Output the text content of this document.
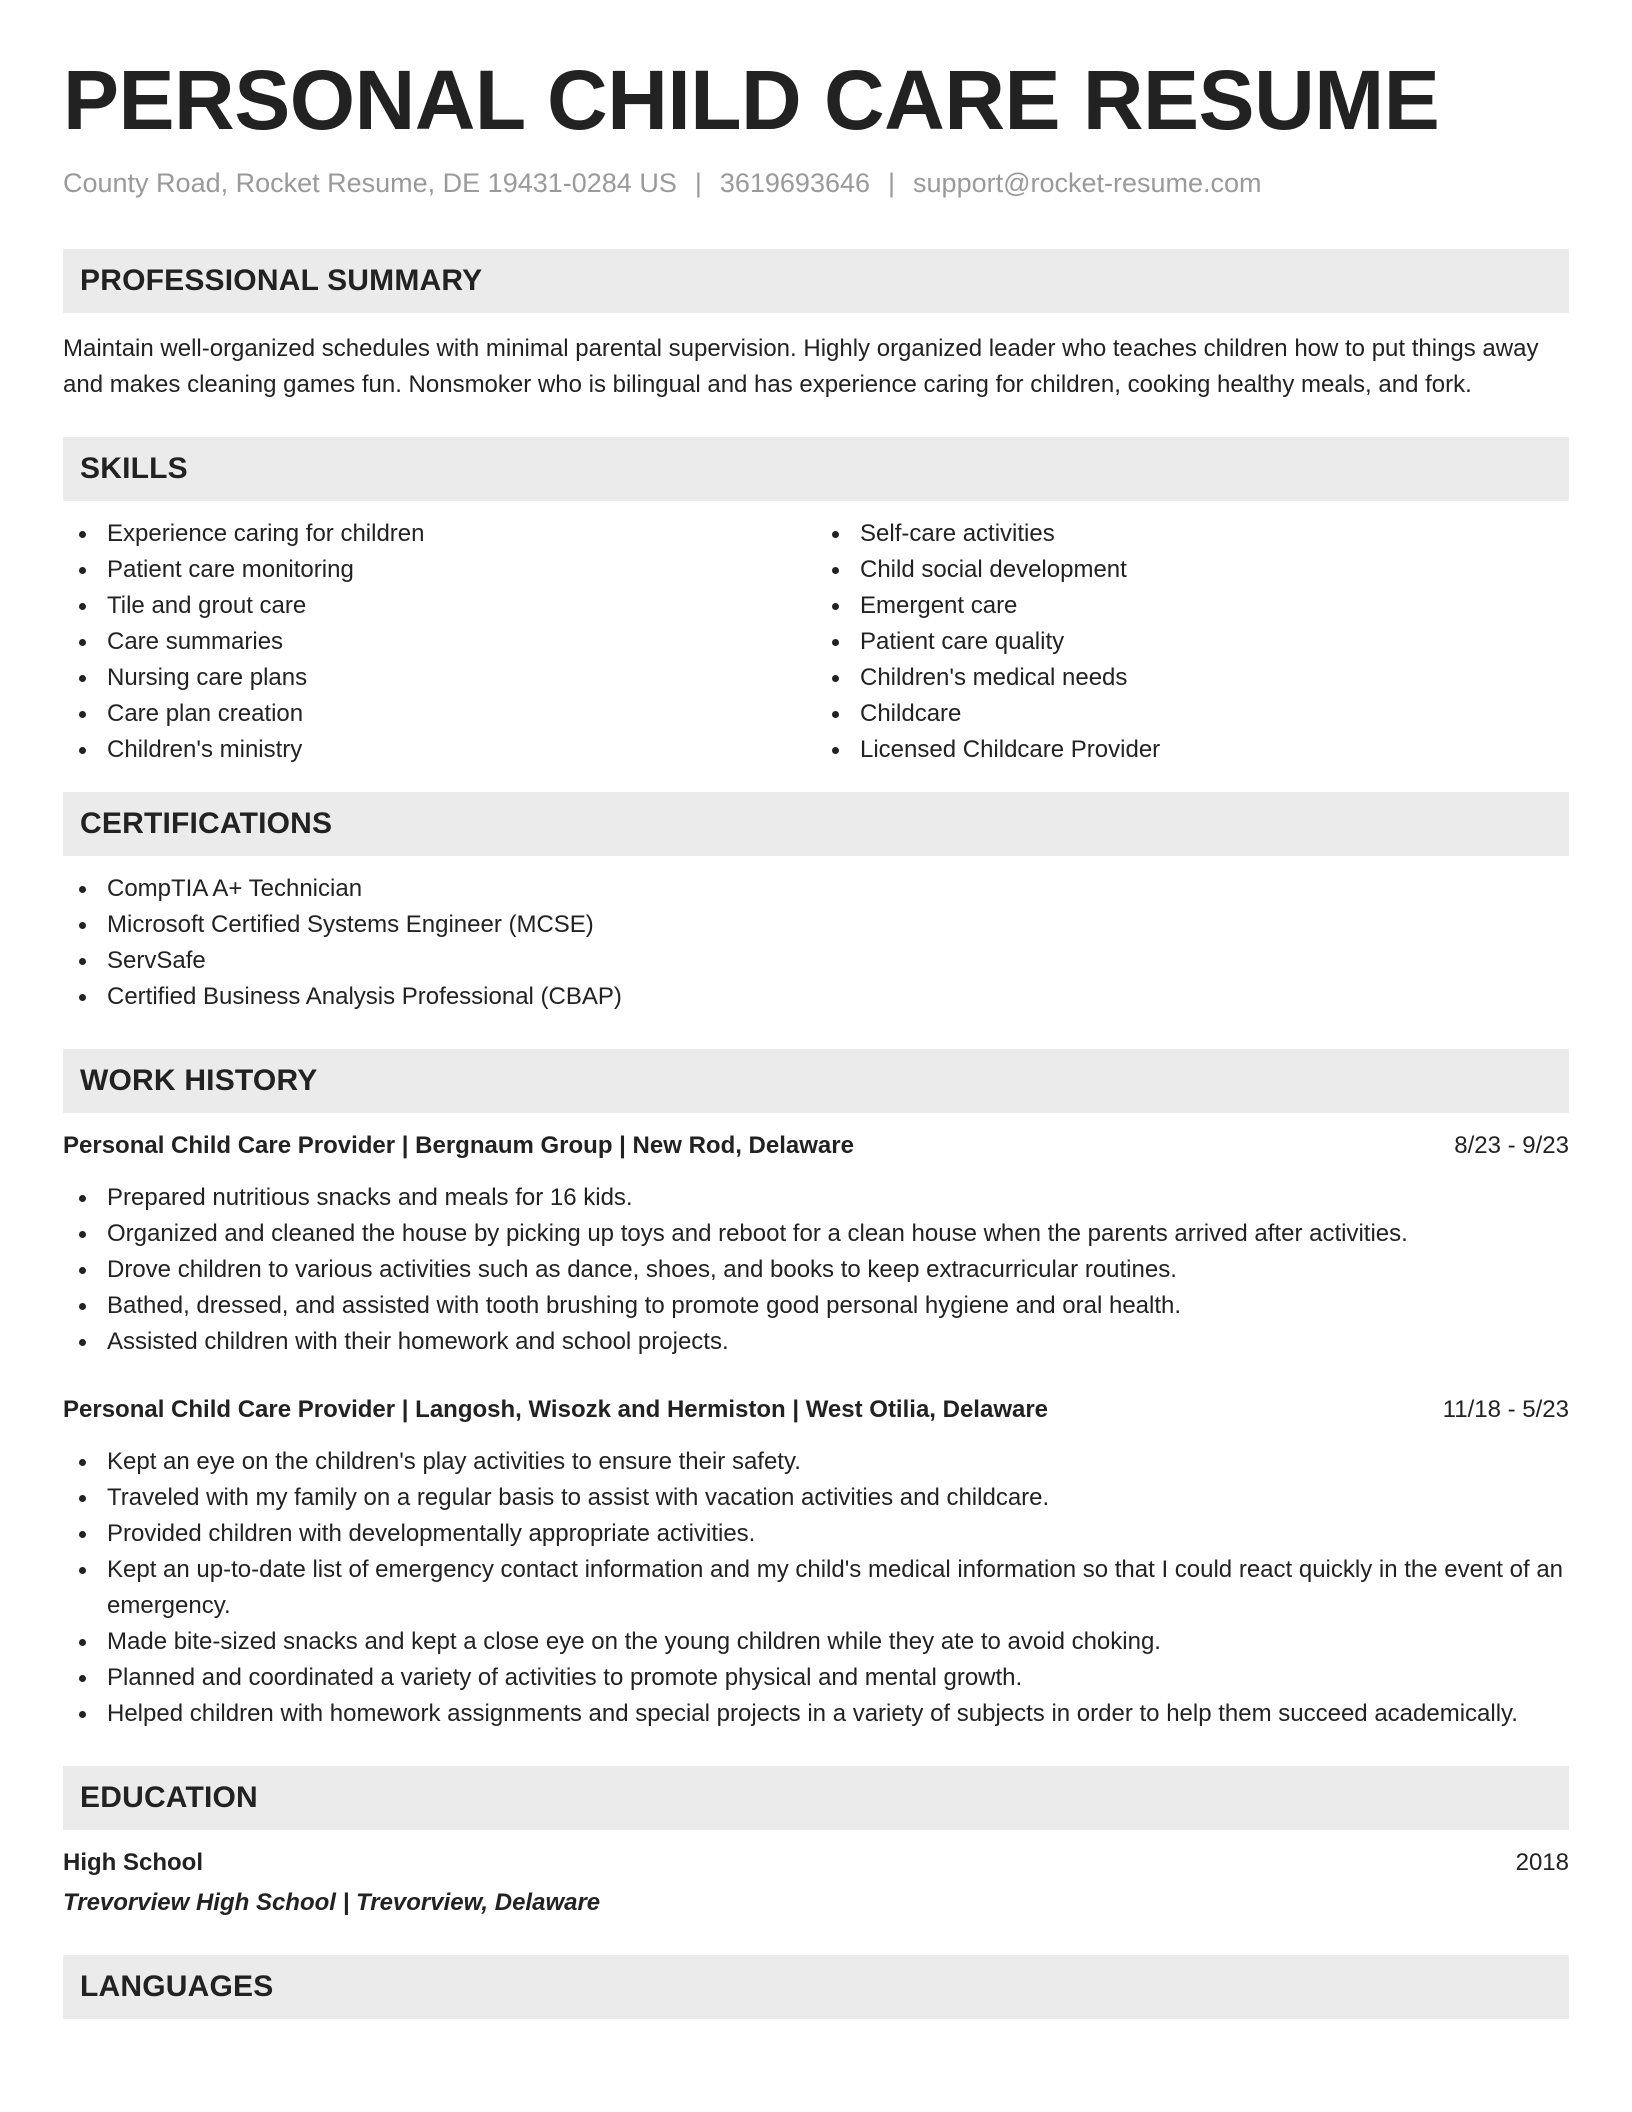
PERSONAL CHILD CARE RESUME
County Road, Rocket Resume, DE 19431-0284 US | 3619693646 | support@rocket-resume.com
PROFESSIONAL SUMMARY

Maintain well-organized schedules with minimal parental supervision. Highly organized leader who teaches children how to put things away and makes cleaning games fun. Nonsmoker who is bilingual and has experience caring for children, cooking healthy meals, and fork.

SKILLS
Experience caring for children
Patient care monitoring
Tile and grout care
Care summaries
Nursing care plans
Care plan creation
Children's ministry
Self-care activities
Child social development
Emergent care
Patient care quality
Children's medical needs
Childcare
Licensed Childcare Provider
CERTIFICATIONS
CompTIA A+ Technician
Microsoft Certified Systems Engineer (MCSE)
ServSafe
Certified Business Analysis Professional (CBAP)
WORK HISTORY
Personal Child Care Provider | Bergnaum Group | New Rod, Delaware	8/23 - 9/23
Prepared nutritious snacks and meals for 16 kids.
Organized and cleaned the house by picking up toys and reboot for a clean house when the parents arrived after activities.
Drove children to various activities such as dance, shoes, and books to keep extracurricular routines.
Bathed, dressed, and assisted with tooth brushing to promote good personal hygiene and oral health.
Assisted children with their homework and school projects.
Personal Child Care Provider | Langosh, Wisozk and Hermiston | West Otilia, Delaware	11/18 - 5/23
Kept an eye on the children's play activities to ensure their safety.
Traveled with my family on a regular basis to assist with vacation activities and childcare.
Provided children with developmentally appropriate activities.
Kept an up-to-date list of emergency contact information and my child's medical information so that I could react quickly in the event of an emergency.
Made bite-sized snacks and kept a close eye on the young children while they ate to avoid choking.
Planned and coordinated a variety of activities to promote physical and mental growth.
Helped children with homework assignments and special projects in a variety of subjects in order to help them succeed academically.
EDUCATION
High School	2018
Trevorview High School | Trevorview, Delaware
LANGUAGES
